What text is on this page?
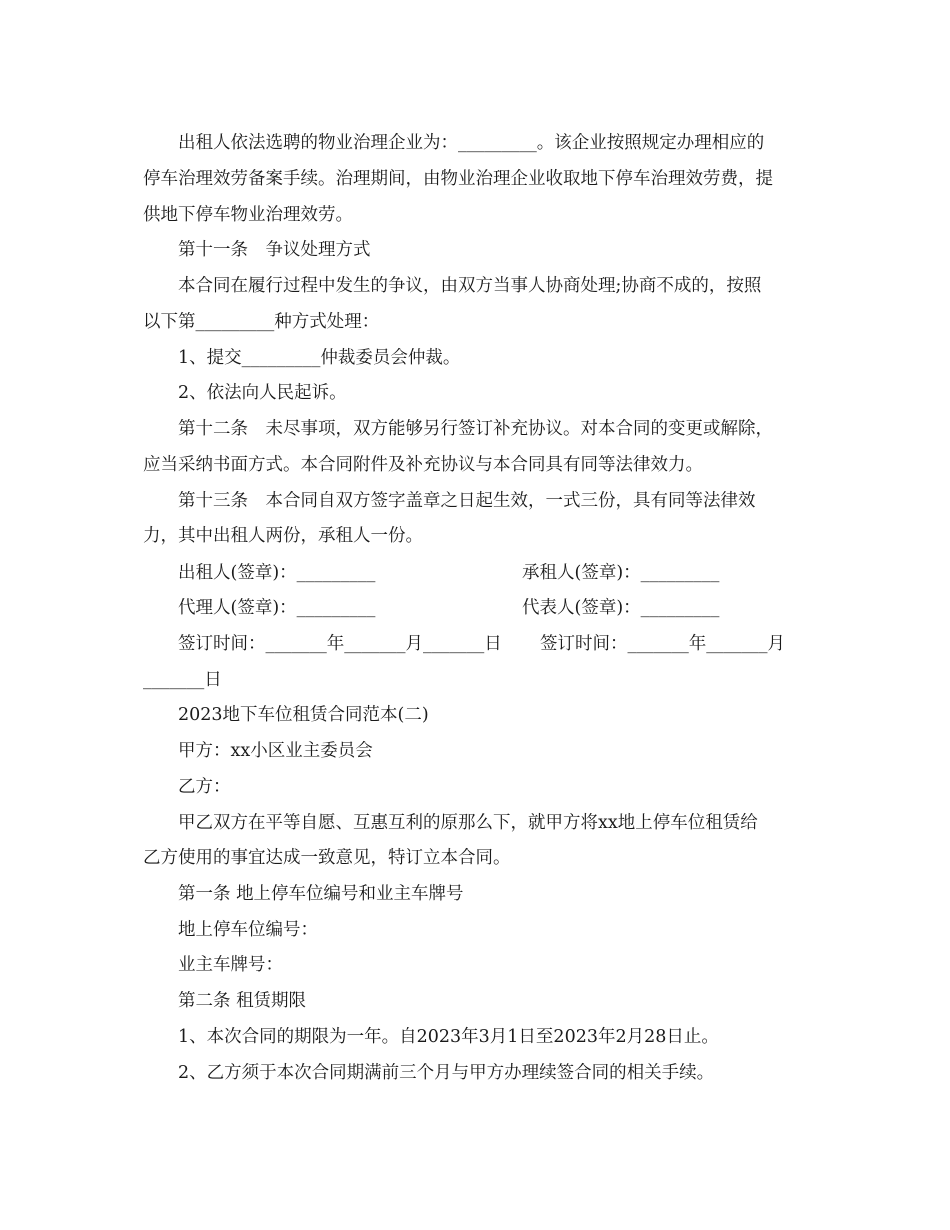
出租人依法选聘的物业治理企业为：_________。该企业按照规定办理相应的
停车治理效劳备案手续。治理期间，由物业治理企业收取地下停车治理效劳费，提
供地下停车物业治理效劳。
第十一条　争议处理方式
本合同在履行过程中发生的争议，由双方当事人协商处理;协商不成的，按照
以下第_________种方式处理：
1、提交_________仲裁委员会仲裁。
2、依法向人民起诉。
第十二条　未尽事项，双方能够另行签订补充协议。对本合同的变更或解除，
应当采纳书面方式。本合同附件及补充协议与本合同具有同等法律效力。
第十三条　本合同自双方签字盖章之日起生效，一式三份，具有同等法律效
力，其中出租人两份，承租人一份。
出租人(签章)：_________	承租人(签章)：_________
代理人(签章)：_________	代表人(签章)：_________
签订时间：_______年_______月_______日 签订时间：_______年_______月
_______日
2023地下车位租赁合同范本(二)
甲方：xx小区业主委员会
乙方：
甲乙双方在平等自愿、互惠互利的原那么下，就甲方将xx地上停车位租赁给
乙方使用的事宜达成一致意见，特订立本合同。
第一条 地上停车位编号和业主车牌号
地上停车位编号：
业主车牌号：
第二条 租赁期限
1、本次合同的期限为一年。自2023年3月1日至2023年2月28日止。
2、乙方须于本次合同期满前三个月与甲方办理续签合同的相关手续。
